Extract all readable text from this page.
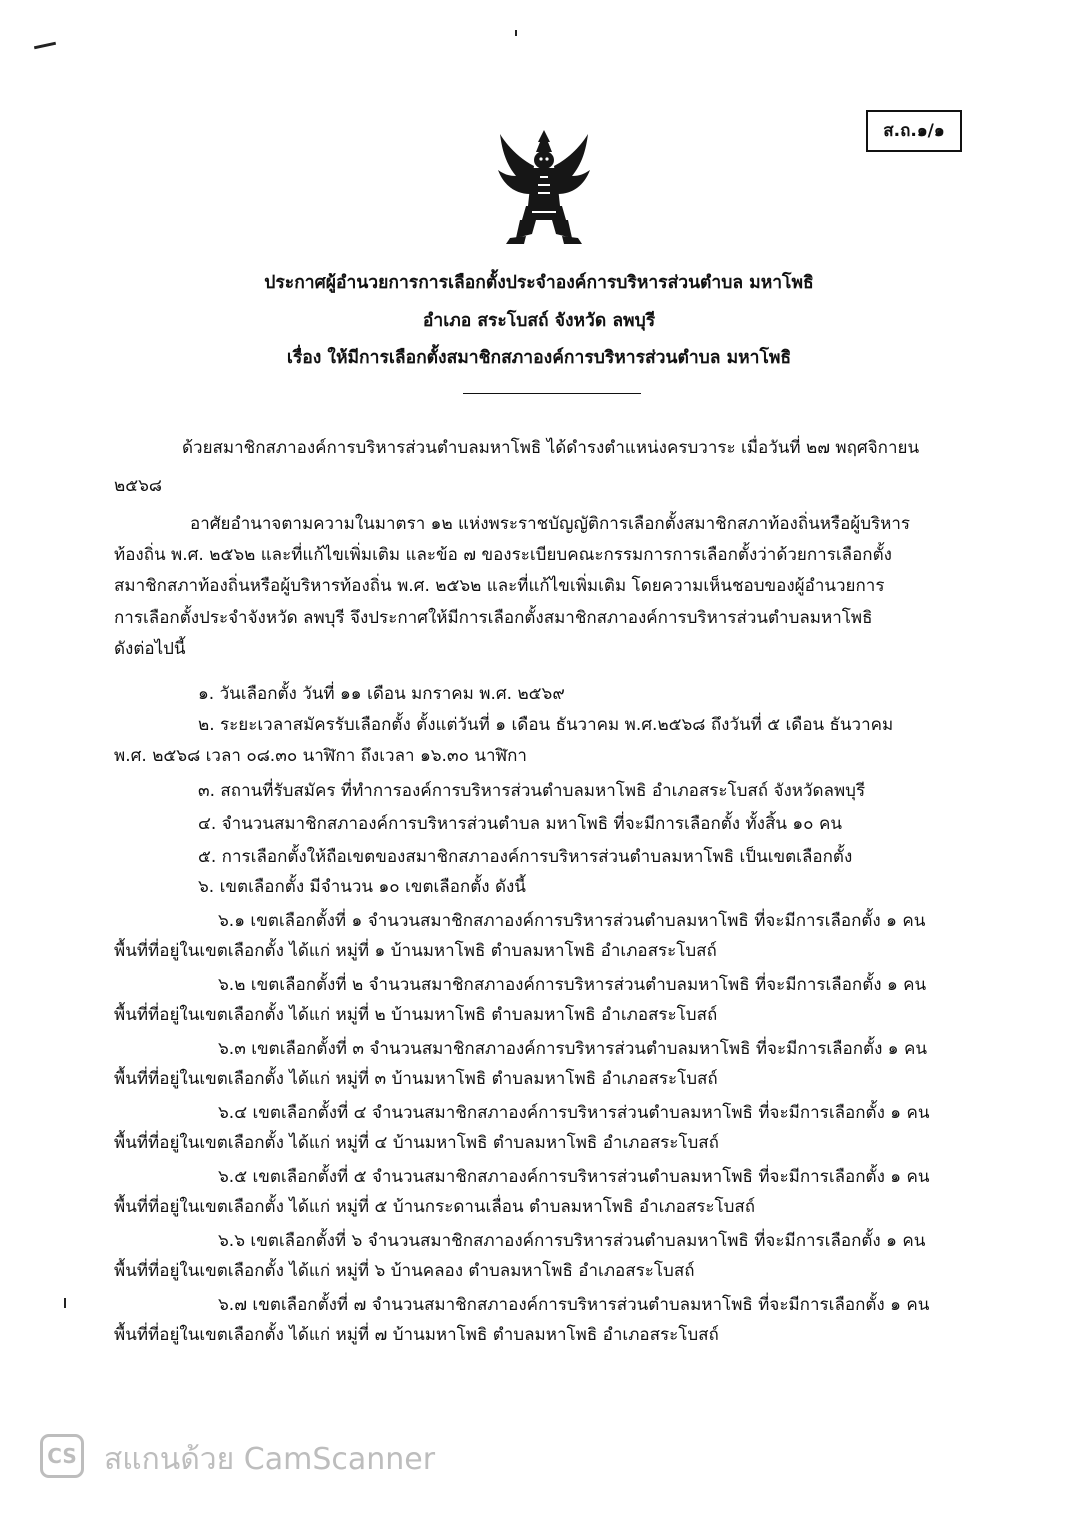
ส.ถ.๑/๑
ประกาศผู้อำนวยการการเลือกตั้งประจำองค์การบริหารส่วนตำบล มหาโพธิ
อำเภอ สระโบสถ์ จังหวัด ลพบุรี
เรื่อง ให้มีการเลือกตั้งสมาชิกสภาองค์การบริหารส่วนตำบล มหาโพธิ
ด้วยสมาชิกสภาองค์การบริหารส่วนตำบลมหาโพธิ ได้ดำรงตำแหน่งครบวาระ เมื่อวันที่ ๒๗ พฤศจิกายน
๒๕๖๘
อาศัยอำนาจตามความในมาตรา ๑๒ แห่งพระราชบัญญัติการเลือกตั้งสมาชิกสภาท้องถิ่นหรือผู้บริหาร
ท้องถิ่น พ.ศ. ๒๕๖๒ และที่แก้ไขเพิ่มเติม และข้อ ๗ ของระเบียบคณะกรรมการการเลือกตั้งว่าด้วยการเลือกตั้ง
สมาชิกสภาท้องถิ่นหรือผู้บริหารท้องถิ่น พ.ศ. ๒๕๖๒ และที่แก้ไขเพิ่มเติม โดยความเห็นชอบของผู้อำนวยการ
การเลือกตั้งประจำจังหวัด ลพบุรี จึงประกาศให้มีการเลือกตั้งสมาชิกสภาองค์การบริหารส่วนตำบลมหาโพธิ
ดังต่อไปนี้
๑. วันเลือกตั้ง วันที่ ๑๑ เดือน มกราคม พ.ศ. ๒๕๖๙
๒. ระยะเวลาสมัครรับเลือกตั้ง ตั้งแต่วันที่ ๑ เดือน ธันวาคม พ.ศ.๒๕๖๘ ถึงวันที่ ๕ เดือน ธันวาคม
พ.ศ. ๒๕๖๘ เวลา ๐๘.๓๐ นาฬิกา ถึงเวลา ๑๖.๓๐ นาฬิกา
๓. สถานที่รับสมัคร ที่ทำการองค์การบริหารส่วนตำบลมหาโพธิ อำเภอสระโบสถ์ จังหวัดลพบุรี
๔. จำนวนสมาชิกสภาองค์การบริหารส่วนตำบล มหาโพธิ ที่จะมีการเลือกตั้ง ทั้งสิ้น ๑๐ คน
๕. การเลือกตั้งให้ถือเขตของสมาชิกสภาองค์การบริหารส่วนตำบลมหาโพธิ เป็นเขตเลือกตั้ง
๖. เขตเลือกตั้ง มีจำนวน ๑๐ เขตเลือกตั้ง ดังนี้
๖.๑ เขตเลือกตั้งที่ ๑ จำนวนสมาชิกสภาองค์การบริหารส่วนตำบลมหาโพธิ ที่จะมีการเลือกตั้ง ๑ คน
พื้นที่ที่อยู่ในเขตเลือกตั้ง ได้แก่ หมู่ที่ ๑ บ้านมหาโพธิ ตำบลมหาโพธิ อำเภอสระโบสถ์
๖.๒ เขตเลือกตั้งที่ ๒ จำนวนสมาชิกสภาองค์การบริหารส่วนตำบลมหาโพธิ ที่จะมีการเลือกตั้ง ๑ คน
พื้นที่ที่อยู่ในเขตเลือกตั้ง ได้แก่ หมู่ที่ ๒ บ้านมหาโพธิ ตำบลมหาโพธิ อำเภอสระโบสถ์
๖.๓ เขตเลือกตั้งที่ ๓ จำนวนสมาชิกสภาองค์การบริหารส่วนตำบลมหาโพธิ ที่จะมีการเลือกตั้ง ๑ คน
พื้นที่ที่อยู่ในเขตเลือกตั้ง ได้แก่ หมู่ที่ ๓ บ้านมหาโพธิ ตำบลมหาโพธิ อำเภอสระโบสถ์
๖.๔ เขตเลือกตั้งที่ ๔ จำนวนสมาชิกสภาองค์การบริหารส่วนตำบลมหาโพธิ ที่จะมีการเลือกตั้ง ๑ คน
พื้นที่ที่อยู่ในเขตเลือกตั้ง ได้แก่ หมู่ที่ ๔ บ้านมหาโพธิ ตำบลมหาโพธิ อำเภอสระโบสถ์
๖.๕ เขตเลือกตั้งที่ ๕ จำนวนสมาชิกสภาองค์การบริหารส่วนตำบลมหาโพธิ ที่จะมีการเลือกตั้ง ๑ คน
พื้นที่ที่อยู่ในเขตเลือกตั้ง ได้แก่ หมู่ที่ ๕ บ้านกระดานเลื่อน ตำบลมหาโพธิ อำเภอสระโบสถ์
๖.๖ เขตเลือกตั้งที่ ๖ จำนวนสมาชิกสภาองค์การบริหารส่วนตำบลมหาโพธิ ที่จะมีการเลือกตั้ง ๑ คน
พื้นที่ที่อยู่ในเขตเลือกตั้ง ได้แก่ หมู่ที่ ๖ บ้านคลอง ตำบลมหาโพธิ อำเภอสระโบสถ์
๖.๗ เขตเลือกตั้งที่ ๗ จำนวนสมาชิกสภาองค์การบริหารส่วนตำบลมหาโพธิ ที่จะมีการเลือกตั้ง ๑ คน
พื้นที่ที่อยู่ในเขตเลือกตั้ง ได้แก่ หมู่ที่ ๗ บ้านมหาโพธิ ตำบลมหาโพธิ อำเภอสระโบสถ์
CS สแกนด้วย CamScanner
